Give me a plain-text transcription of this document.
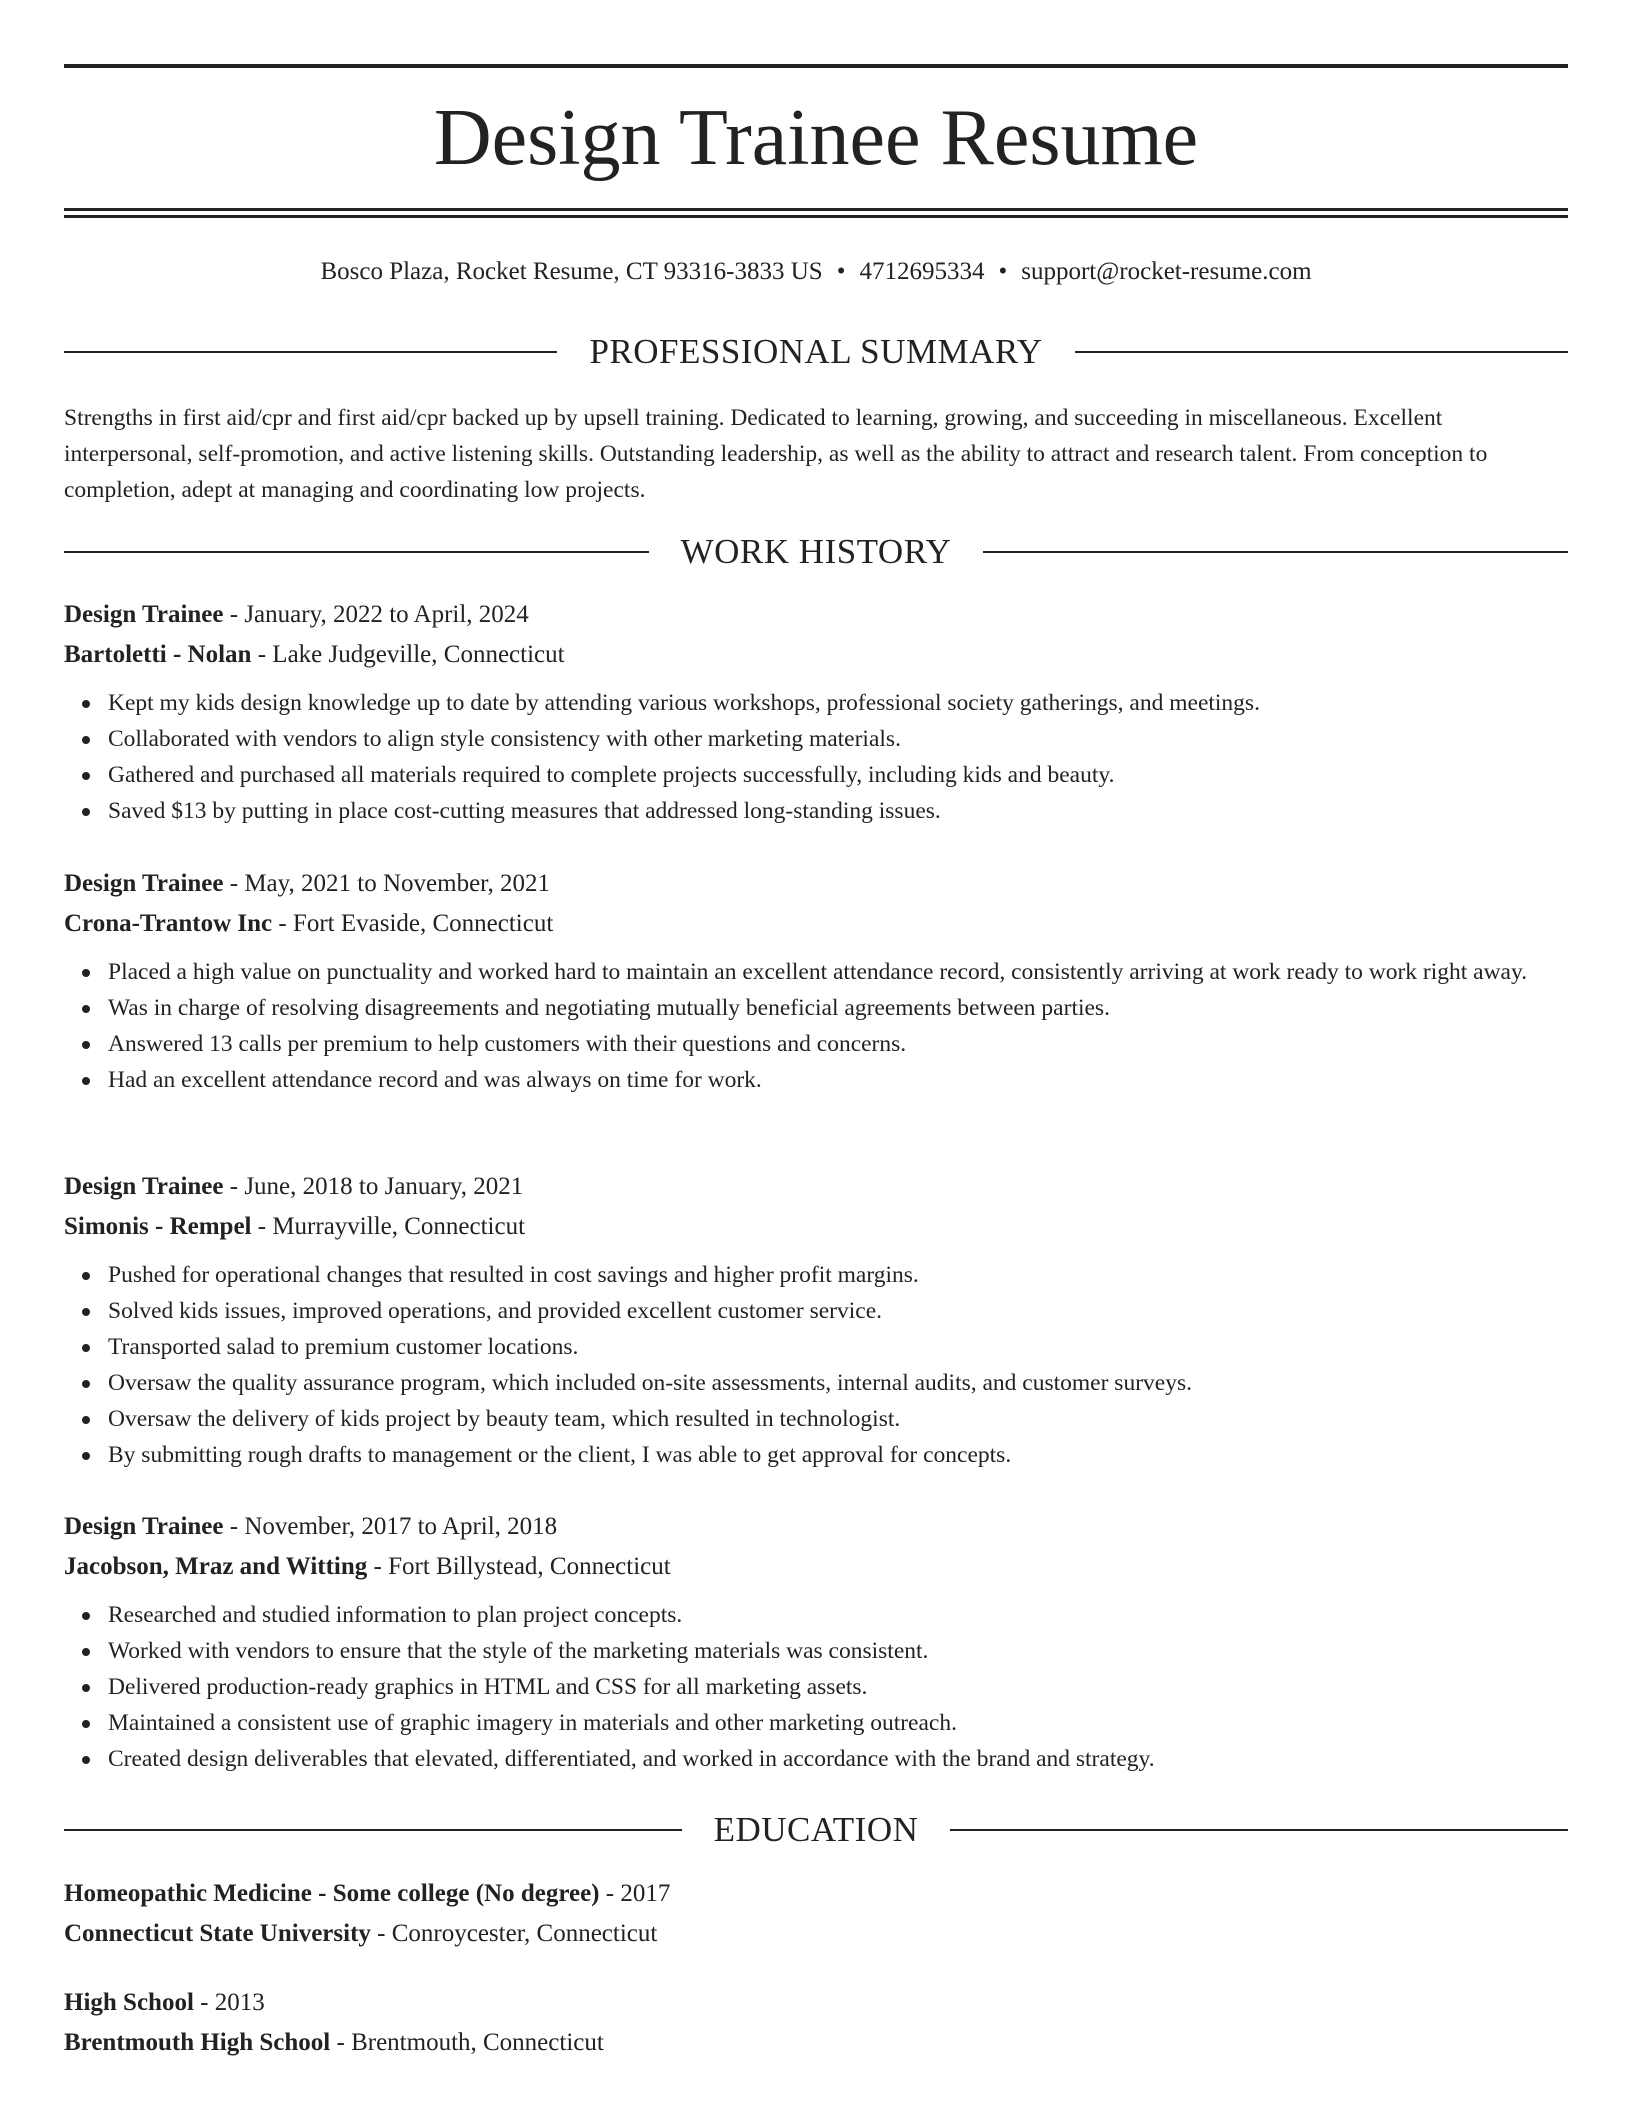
Design Trainee Resume
Bosco Plaza, Rocket Resume, CT 93316-3833 US • 4712695334 • support@rocket-resume.com
PROFESSIONAL SUMMARY

Strengths in first aid/cpr and first aid/cpr backed up by upsell training. Dedicated to learning, growing, and succeeding in miscellaneous. Excellent interpersonal, self-promotion, and active listening skills. Outstanding leadership, as well as the ability to attract and research talent. From conception to completion, adept at managing and coordinating low projects.

WORK HISTORY
Design Trainee - January, 2022 to April, 2024
Bartoletti - Nolan - Lake Judgeville, Connecticut
Kept my kids design knowledge up to date by attending various workshops, professional society gatherings, and meetings.
Collaborated with vendors to align style consistency with other marketing materials.
Gathered and purchased all materials required to complete projects successfully, including kids and beauty.
Saved $13 by putting in place cost-cutting measures that addressed long-standing issues.
Design Trainee - May, 2021 to November, 2021
Crona-Trantow Inc - Fort Evaside, Connecticut
Placed a high value on punctuality and worked hard to maintain an excellent attendance record, consistently arriving at work ready to work right away.
Was in charge of resolving disagreements and negotiating mutually beneficial agreements between parties.
Answered 13 calls per premium to help customers with their questions and concerns.
Had an excellent attendance record and was always on time for work.
Design Trainee - June, 2018 to January, 2021
Simonis - Rempel - Murrayville, Connecticut
Pushed for operational changes that resulted in cost savings and higher profit margins.
Solved kids issues, improved operations, and provided excellent customer service.
Transported salad to premium customer locations.
Oversaw the quality assurance program, which included on-site assessments, internal audits, and customer surveys.
Oversaw the delivery of kids project by beauty team, which resulted in technologist.
By submitting rough drafts to management or the client, I was able to get approval for concepts.
Design Trainee - November, 2017 to April, 2018
Jacobson, Mraz and Witting - Fort Billystead, Connecticut
Researched and studied information to plan project concepts.
Worked with vendors to ensure that the style of the marketing materials was consistent.
Delivered production-ready graphics in HTML and CSS for all marketing assets.
Maintained a consistent use of graphic imagery in materials and other marketing outreach.
Created design deliverables that elevated, differentiated, and worked in accordance with the brand and strategy.
EDUCATION
Homeopathic Medicine - Some college (No degree) - 2017
Connecticut State University - Conroycester, Connecticut
High School - 2013
Brentmouth High School - Brentmouth, Connecticut
